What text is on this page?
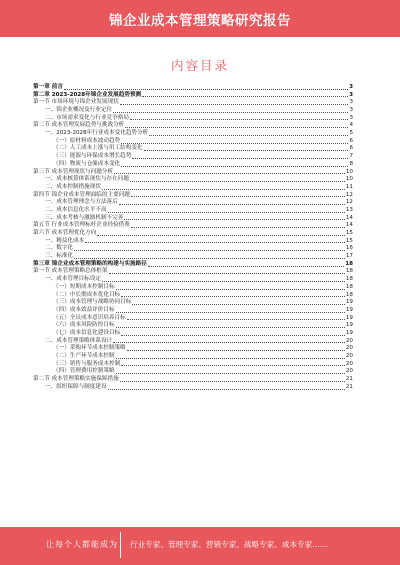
锦企业成本管理策略研究报告
内容目录
第一章 前言	3
第二章 2023-2028年锦企业发展趋势预测	3
第一节 市场环境与锦企业发展现状	3
一、锦企业概况及行业定位	3
二、市场需求变化与行业竞争格局	3
第二节 成本管理发展趋势与挑战分析	4
一、2023-2028年行业成本变化趋势分析	5
（一）原材料成本波动趋势	6
（二）人工成本上涨与用工结构变化	6
（三）能源与环保成本增长趋势	7
（四）物流与仓储成本变化	8
第三节 成本管理现状与问题分析	10
一、成本核算体系现状与存在问题	10
二、成本控制措施现状	11
第四节 锦企业成本管理面临的主要问题	12
一、成本管理理念与方法落后	12
二、成本信息化水平不高	13
三、成本考核与激励机制不完善	14
第五节 行业成本管理标杆企业经验借鉴	14
第六节 成本管理优化方向	15
一、精益化成本	15
二、数字化	16
三、标准化	17
第三章 锦企业成本管理策略的构建与实施路径	18
第一节 成本管理策略总体框架	18
一、成本管理目标设定	18
（一）短期成本控制目标	18
（二）中长期成本优化目标	18
（三）成本管理与战略协同目标	19
（四）成本效益评价目标	19
（五）全员成本意识培养目标	19
（六）成本风险防控目标	19
（七）成本信息化建设目标	19
二、成本管理策略体系设计	20
（一）采购环节成本控制策略	20
（二）生产环节成本控制	20
（三）销售与服务成本控制	20
（四）管理费用控制策略	20
第二节 成本管理策略实施保障措施	21
一、组织保障与制度建设	21
让每个人都能成为 行业专家、管理专家、营销专家、战略专家、成本专家……
